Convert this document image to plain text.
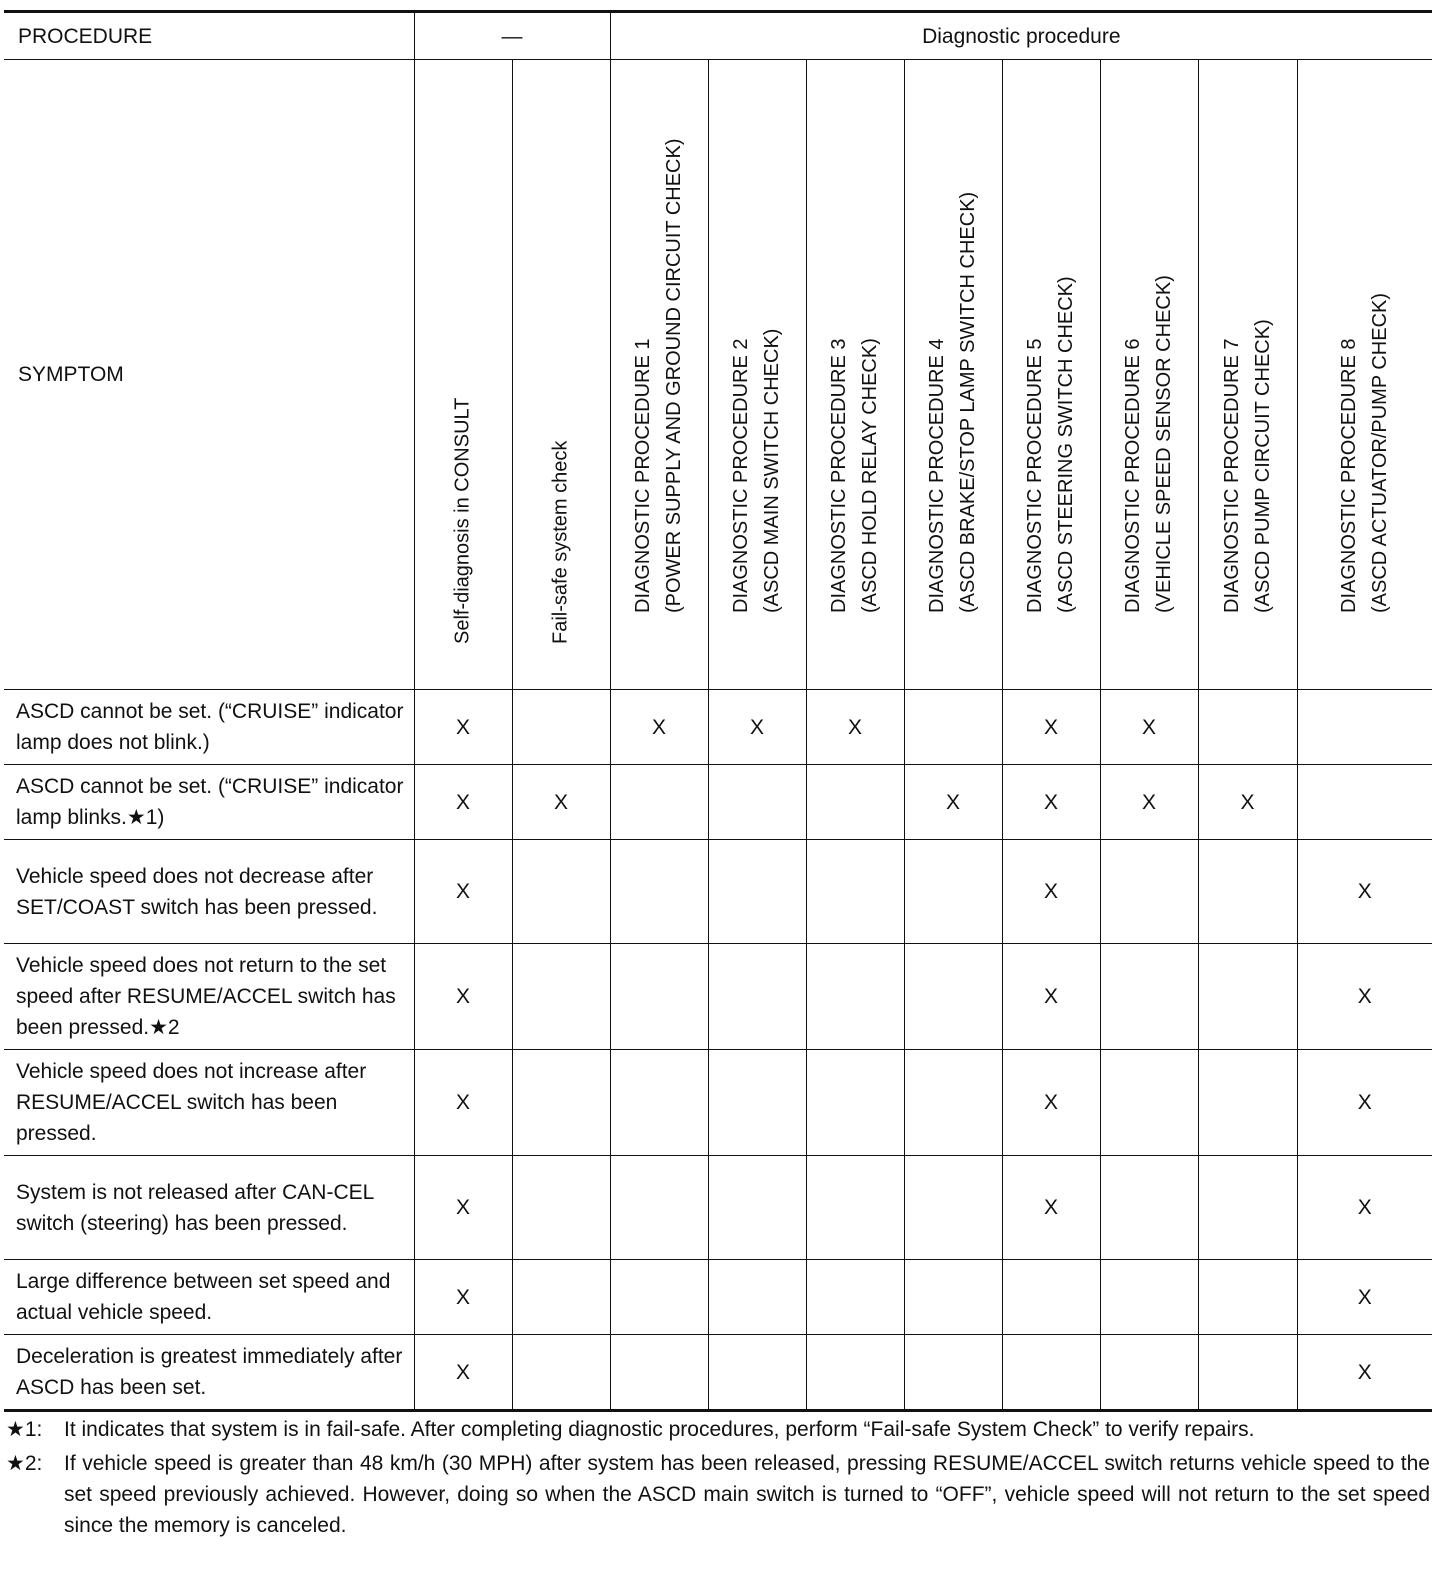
PROCEDURE	—		Diagnostic procedure							
SYMPTOM	Self-diagnosis in CONSULT	Fail-safe system check	DIAGNOSTIC PROCEDURE 1 (POWER SUPPLY AND GROUND CIRCUIT CHECK)	DIAGNOSTIC PROCEDURE 2 (ASCD MAIN SWITCH CHECK)	DIAGNOSTIC PROCEDURE 3 (ASCD HOLD RELAY CHECK)	DIAGNOSTIC PROCEDURE 4 (ASCD BRAKE/STOP LAMP SWITCH CHECK)	DIAGNOSTIC PROCEDURE 5 (ASCD STEERING SWITCH CHECK)	DIAGNOSTIC PROCEDURE 6 (VEHICLE SPEED SENSOR CHECK)	DIAGNOSTIC PROCEDURE 7 (ASCD PUMP CIRCUIT CHECK)	DIAGNOSTIC PROCEDURE 8 (ASCD ACTUATOR/PUMP CHECK)

ASCD cannot be set. (“CRUISE” indicator lamp does not blink.)	X		X	X	X		X	X		
ASCD cannot be set. (“CRUISE” indicator lamp blinks.★1)	X	X				X	X	X	X	
Vehicle speed does not decrease after SET/COAST switch has been pressed.	X						X			X
Vehicle speed does not return to the set speed after RESUME/ACCEL switch has been pressed.★2	X						X			X
Vehicle speed does not increase after RESUME/ACCEL switch has been pressed.	X						X			X
System is not released after CAN-CEL switch (steering) has been pressed.	X						X			X
Large difference between set speed and actual vehicle speed.	X									X
Deceleration is greatest immediately after ASCD has been set.	X									X
★1:	It indicates that system is in fail-safe. After completing diagnostic procedures, perform “Fail-safe System Check” to verify repairs.
★2:	If vehicle speed is greater than 48 km/h (30 MPH) after system has been released, pressing RESUME/ACCEL switch returns vehicle speed to the set speed previously achieved. However, doing so when the ASCD main switch is turned to “OFF”, vehicle speed will not return to the set speed since the memory is canceled.
